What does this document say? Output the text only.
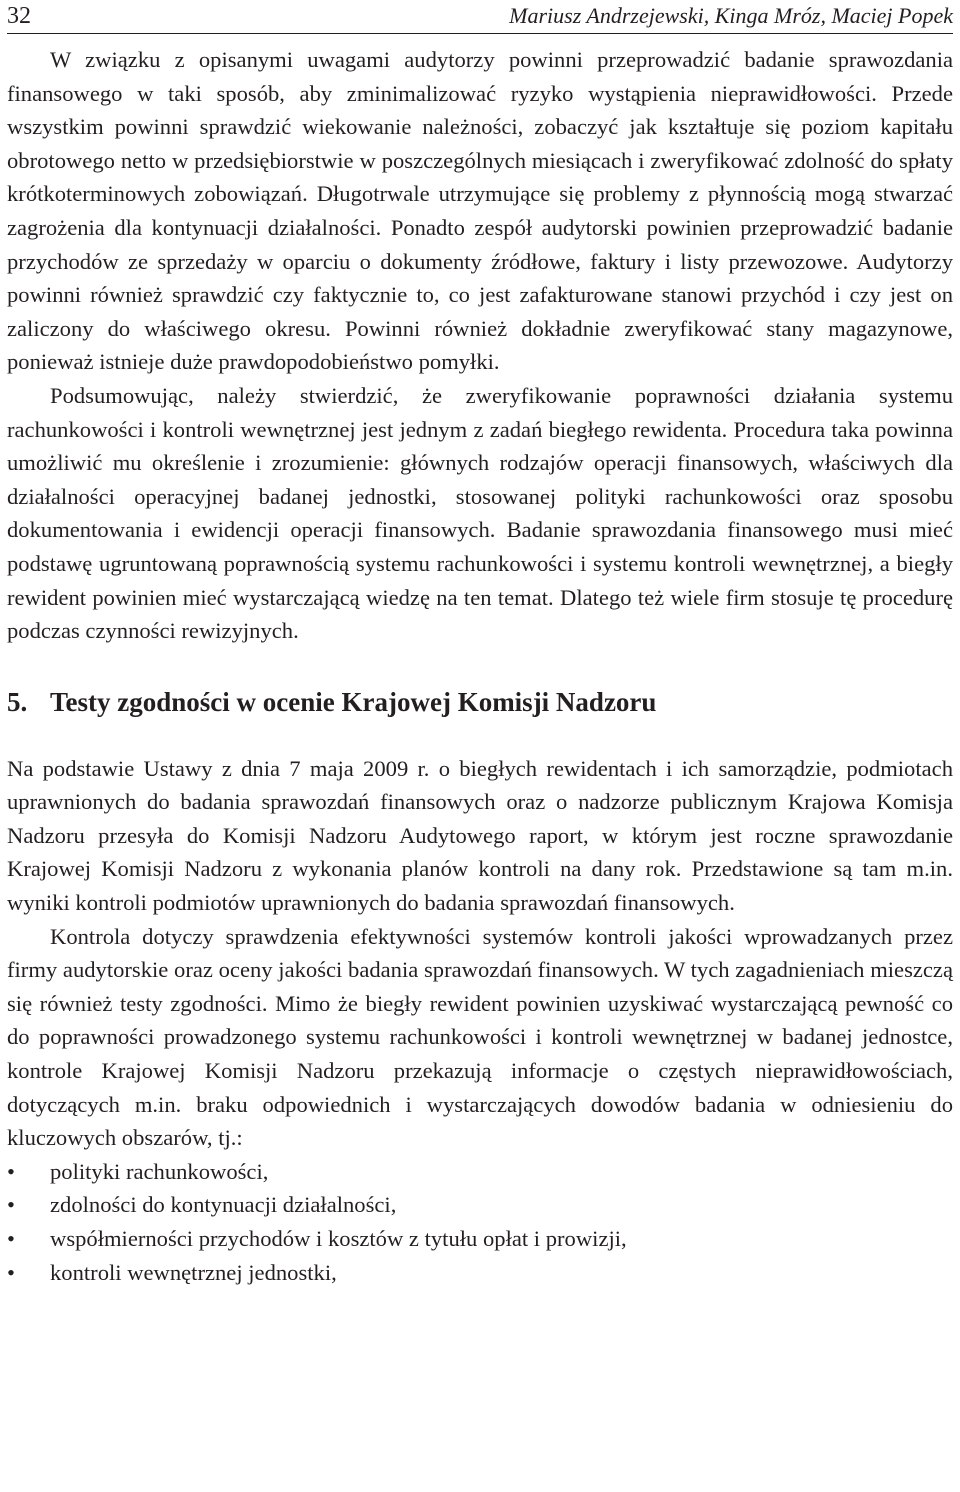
32	Mariusz Andrzejewski, Kinga Mróz, Maciej Popek

W związku z opisanymi uwagami audytorzy powinni przeprowadzić badanie sprawozdania finansowego w taki sposób, aby zminimalizować ryzyko wystąpienia nieprawidłowości. Przede wszystkim powinni sprawdzić wiekowanie należności, zobaczyć jak kształtuje się poziom kapitału obrotowego netto w przedsiębiorstwie w poszczególnych miesiącach i zweryfikować zdolność do spłaty krótkoterminowych zobowiązań. Długotrwale utrzymujące się problemy z płynnością mogą stwarzać zagrożenia dla kontynuacji działalności. Ponadto zespół audytorski powinien przeprowadzić badanie przychodów ze sprzedaży w oparciu o dokumenty źródłowe, faktury i listy przewozowe. Audytorzy powinni również sprawdzić czy faktycznie to, co jest zafakturowane stanowi przychód i czy jest on zaliczony do właściwego okresu. Powinni również dokładnie zweryfikować stany magazynowe, ponieważ istnieje duże prawdopodobieństwo pomyłki.

Podsumowując, należy stwierdzić, że zweryfikowanie poprawności działania systemu rachunkowości i kontroli wewnętrznej jest jednym z zadań biegłego rewidenta. Procedura taka powinna umożliwić mu określenie i zrozumienie: głównych rodzajów operacji finansowych, właściwych dla działalności operacyjnej badanej jednostki, stosowanej polityki rachunkowości oraz sposobu dokumentowania i ewidencji operacji finansowych. Badanie sprawozdania finansowego musi mieć podstawę ugruntowaną poprawnością systemu rachunkowości i systemu kontroli wewnętrznej, a biegły rewident powinien mieć wystarczającą wiedzę na ten temat. Dlatego też wiele firm stosuje tę procedurę podczas czynności rewizyjnych.

5. Testy zgodności w ocenie Krajowej Komisji Nadzoru

Na podstawie Ustawy z dnia 7 maja 2009 r. o biegłych rewidentach i ich samorządzie, podmiotach uprawnionych do badania sprawozdań finansowych oraz o nadzorze publicznym Krajowa Komisja Nadzoru przesyła do Komisji Nadzoru Audytowego raport, w którym jest roczne sprawozdanie Krajowej Komisji Nadzoru z wykonania planów kontroli na dany rok. Przedstawione są tam m.in. wyniki kontroli podmiotów uprawnionych do badania sprawozdań finansowych.

Kontrola dotyczy sprawdzenia efektywności systemów kontroli jakości wprowadzanych przez firmy audytorskie oraz oceny jakości badania sprawozdań finansowych. W tych zagadnieniach mieszczą się również testy zgodności. Mimo że biegły rewident powinien uzyskiwać wystarczającą pewność co do poprawności prowadzonego systemu rachunkowości i kontroli wewnętrznej w badanej jednostce, kontrole Krajowej Komisji Nadzoru przekazują informacje o częstych nieprawidłowościach, dotyczących m.in. braku odpowiednich i wystarczających dowodów badania w odniesieniu do kluczowych obszarów, tj.:

• polityki rachunkowości,
• zdolności do kontynuacji działalności,
• współmierności przychodów i kosztów z tytułu opłat i prowizji,
• kontroli wewnętrznej jednostki,
